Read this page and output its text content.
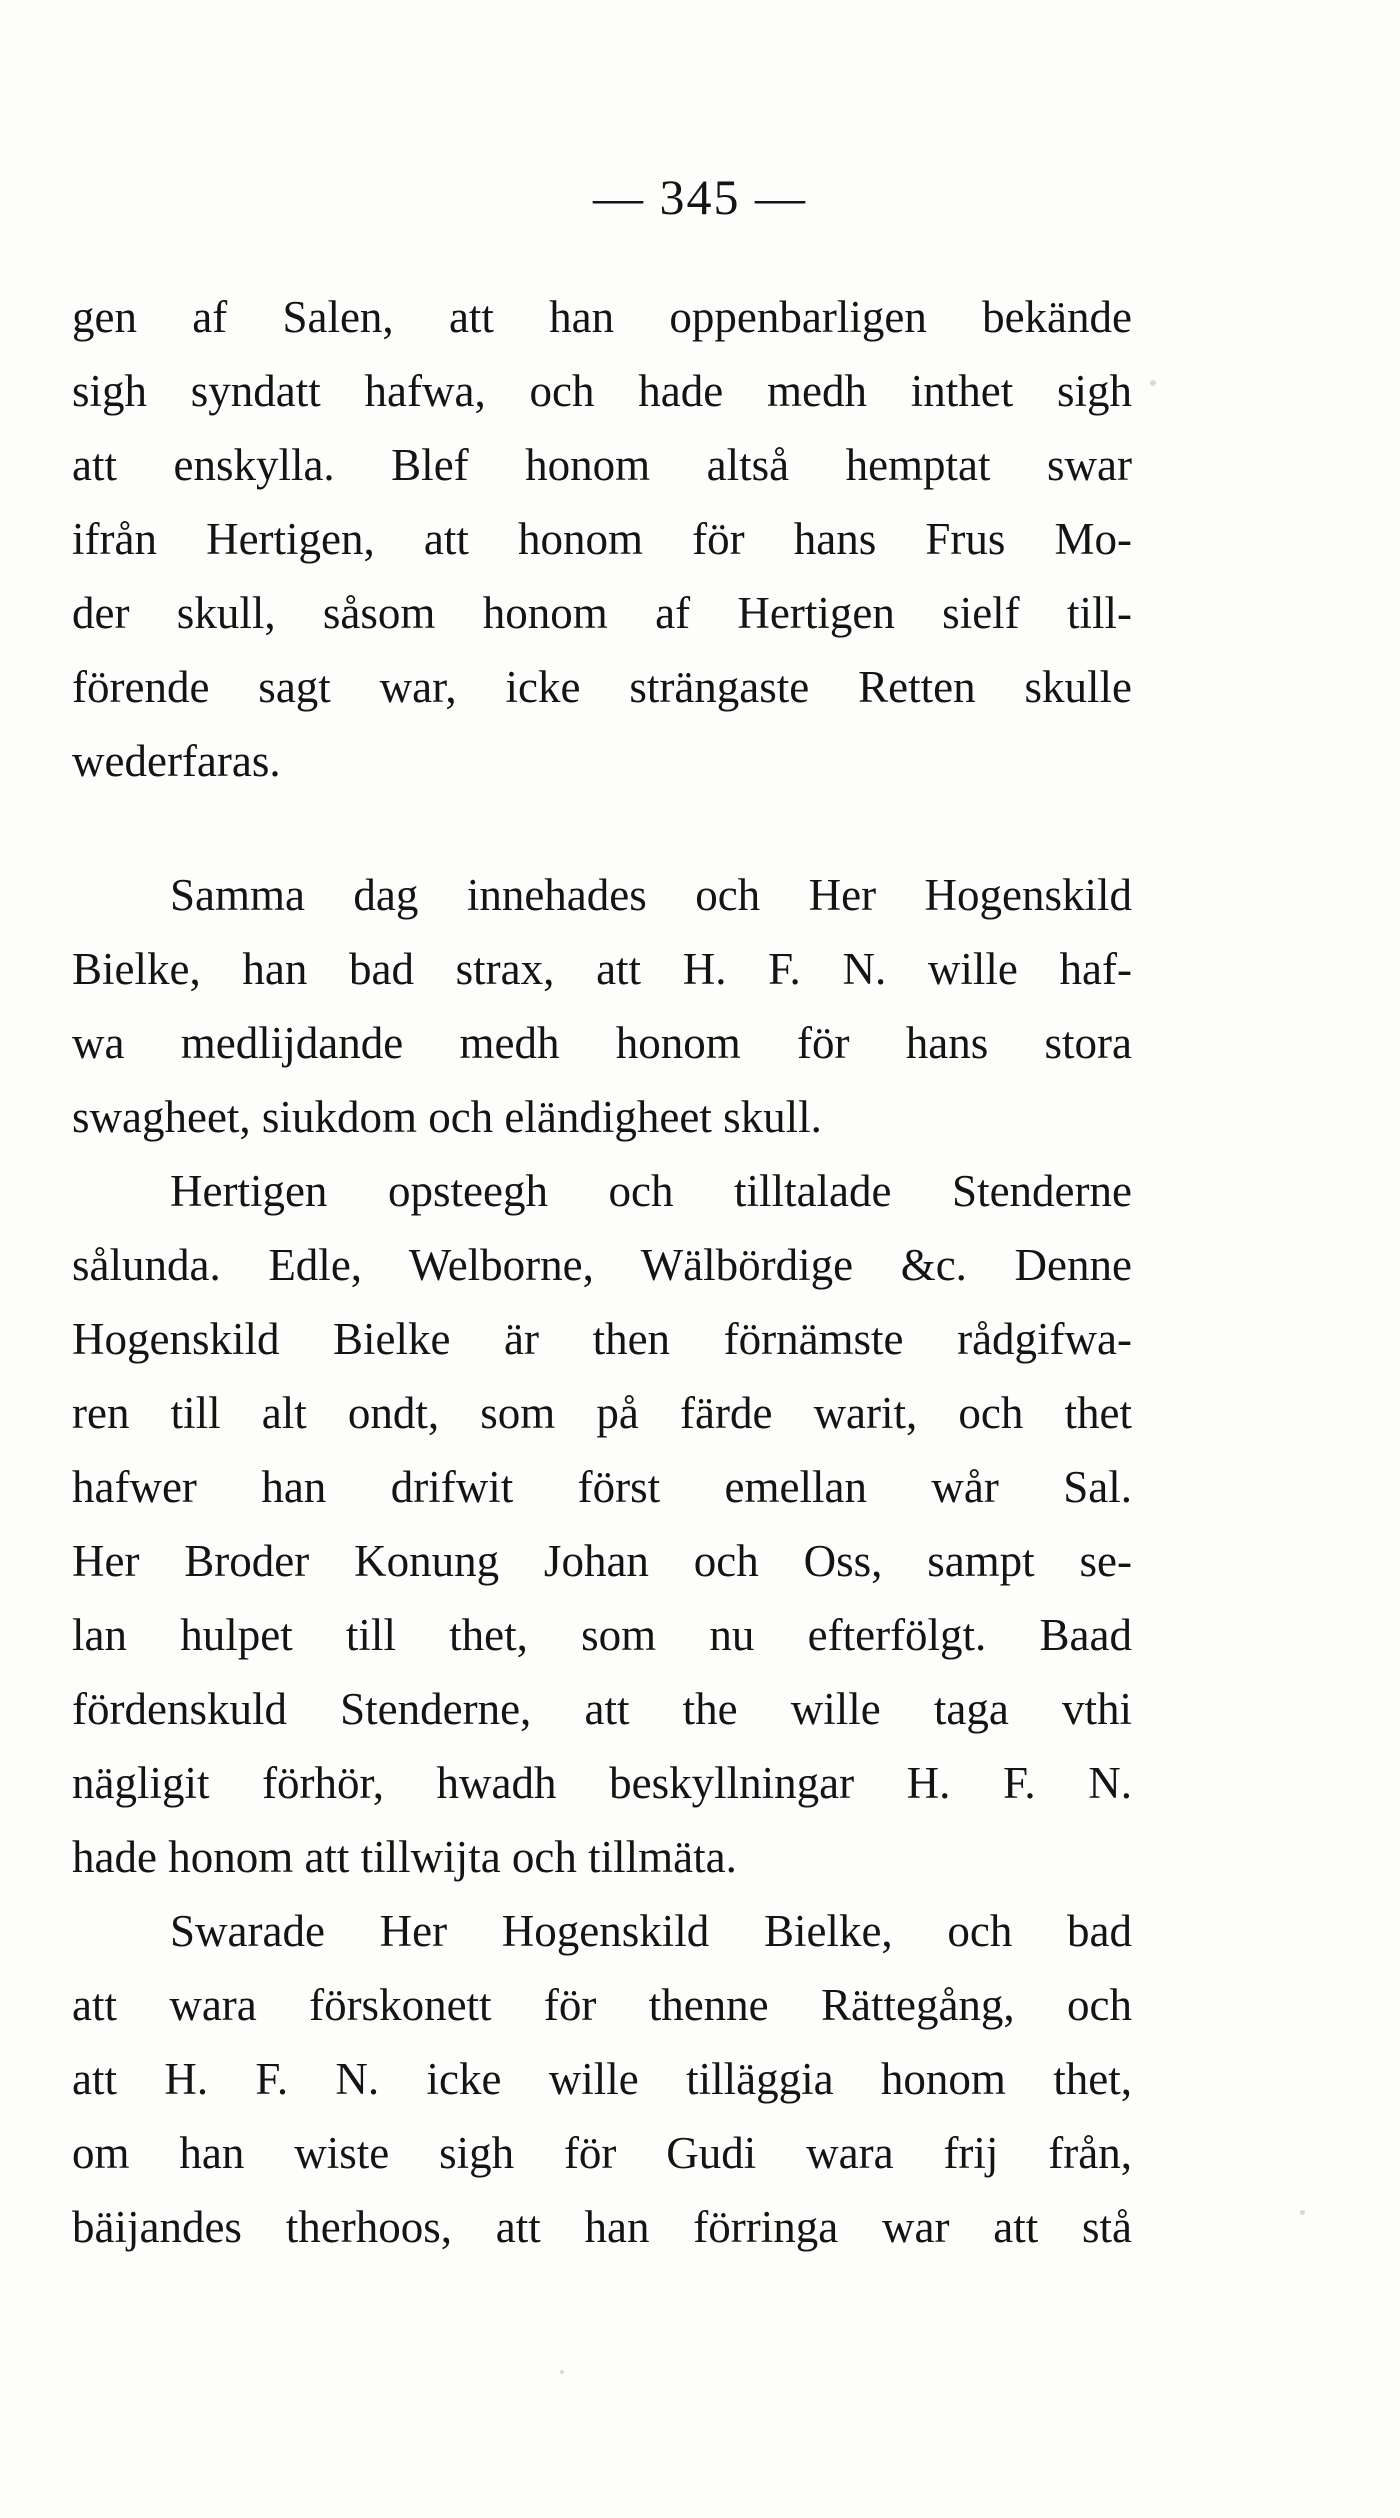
— 345 —
gen af Salen, att han oppenbarligen bekände
sigh syndatt hafwa, och hade medh inthet sigh
att enskylla. Blef honom altså hemptat swar
ifrån Hertigen, att honom för hans Frus Mo-
der skull, såsom honom af Hertigen sielf till-
förende sagt war, icke strängaste Retten skulle
wederfaras.
Samma dag innehades och Her Hogenskild
Bielke, han bad strax, att H. F. N. wille haf-
wa medlijdande medh honom för hans stora
swagheet, siukdom och eländigheet skull.
Hertigen opsteegh och tilltalade Stenderne
sålunda. Edle, Welborne, Wälbördige &c. Denne
Hogenskild Bielke är then förnämste rådgifwa-
ren till alt ondt, som på färde warit, och thet
hafwer han drifwit först emellan wår Sal.
Her Broder Konung Johan och Oss, sampt se-
lan hulpet till thet, som nu efterfölgt. Baad
fördenskuld Stenderne, att the wille taga vthi
nägligit förhör, hwadh beskyllningar H. F. N.
hade honom att tillwijta och tillmäta.
Swarade Her Hogenskild Bielke, och bad
att wara förskonett för thenne Rättegång, och
att H. F. N. icke wille tilläggia honom thet,
om han wiste sigh för Gudi wara frij från,
bäijandes therhoos, att han förringa war att stå
